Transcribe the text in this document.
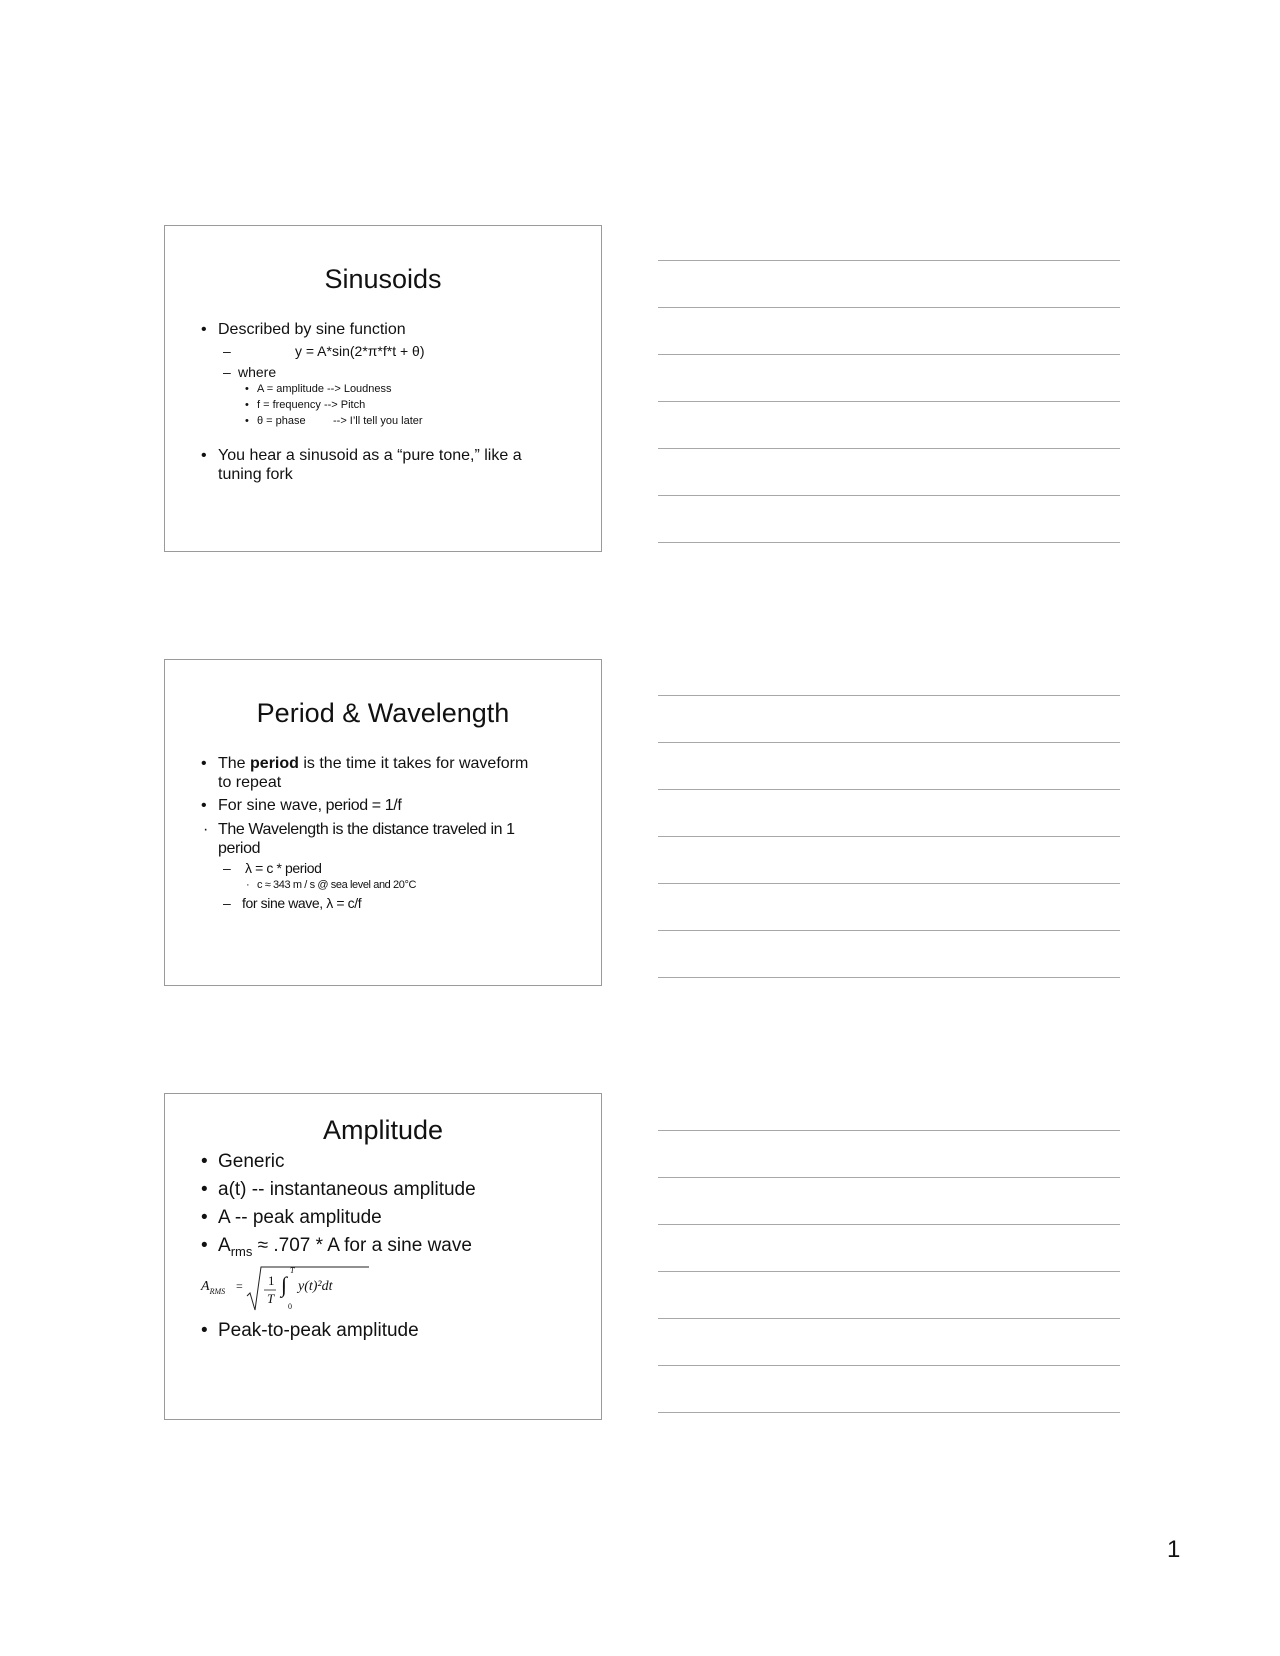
Sinusoids
• Described by sine function
–	y = A*sin(2*π*f*t + θ)
– where
• A = amplitude --> Loudness
• f = frequency --> Pitch
• θ = phase --> I’ll tell you later
• You hear a sinusoid as a “pure tone,” like a
tuning fork
Period & Wavelength
• The period is the time it takes for waveform
to repeat
• For sine wave, period = 1/f
· The Wavelength is the distance traveled in 1
period
– λ = c * period
· c ≈ 343 m / s @ sea level and 20°C
– for sine wave, λ = c/f
Amplitude
• Generic
• a(t) -- instantaneous amplitude
• A -- peak amplitude
• $A_{rms} \approx .707 * A$ for a sine wave
$A_{RMS} = 1$
T
∫
T
0
y(t)²dt
• Peak-to-peak amplitude
1
